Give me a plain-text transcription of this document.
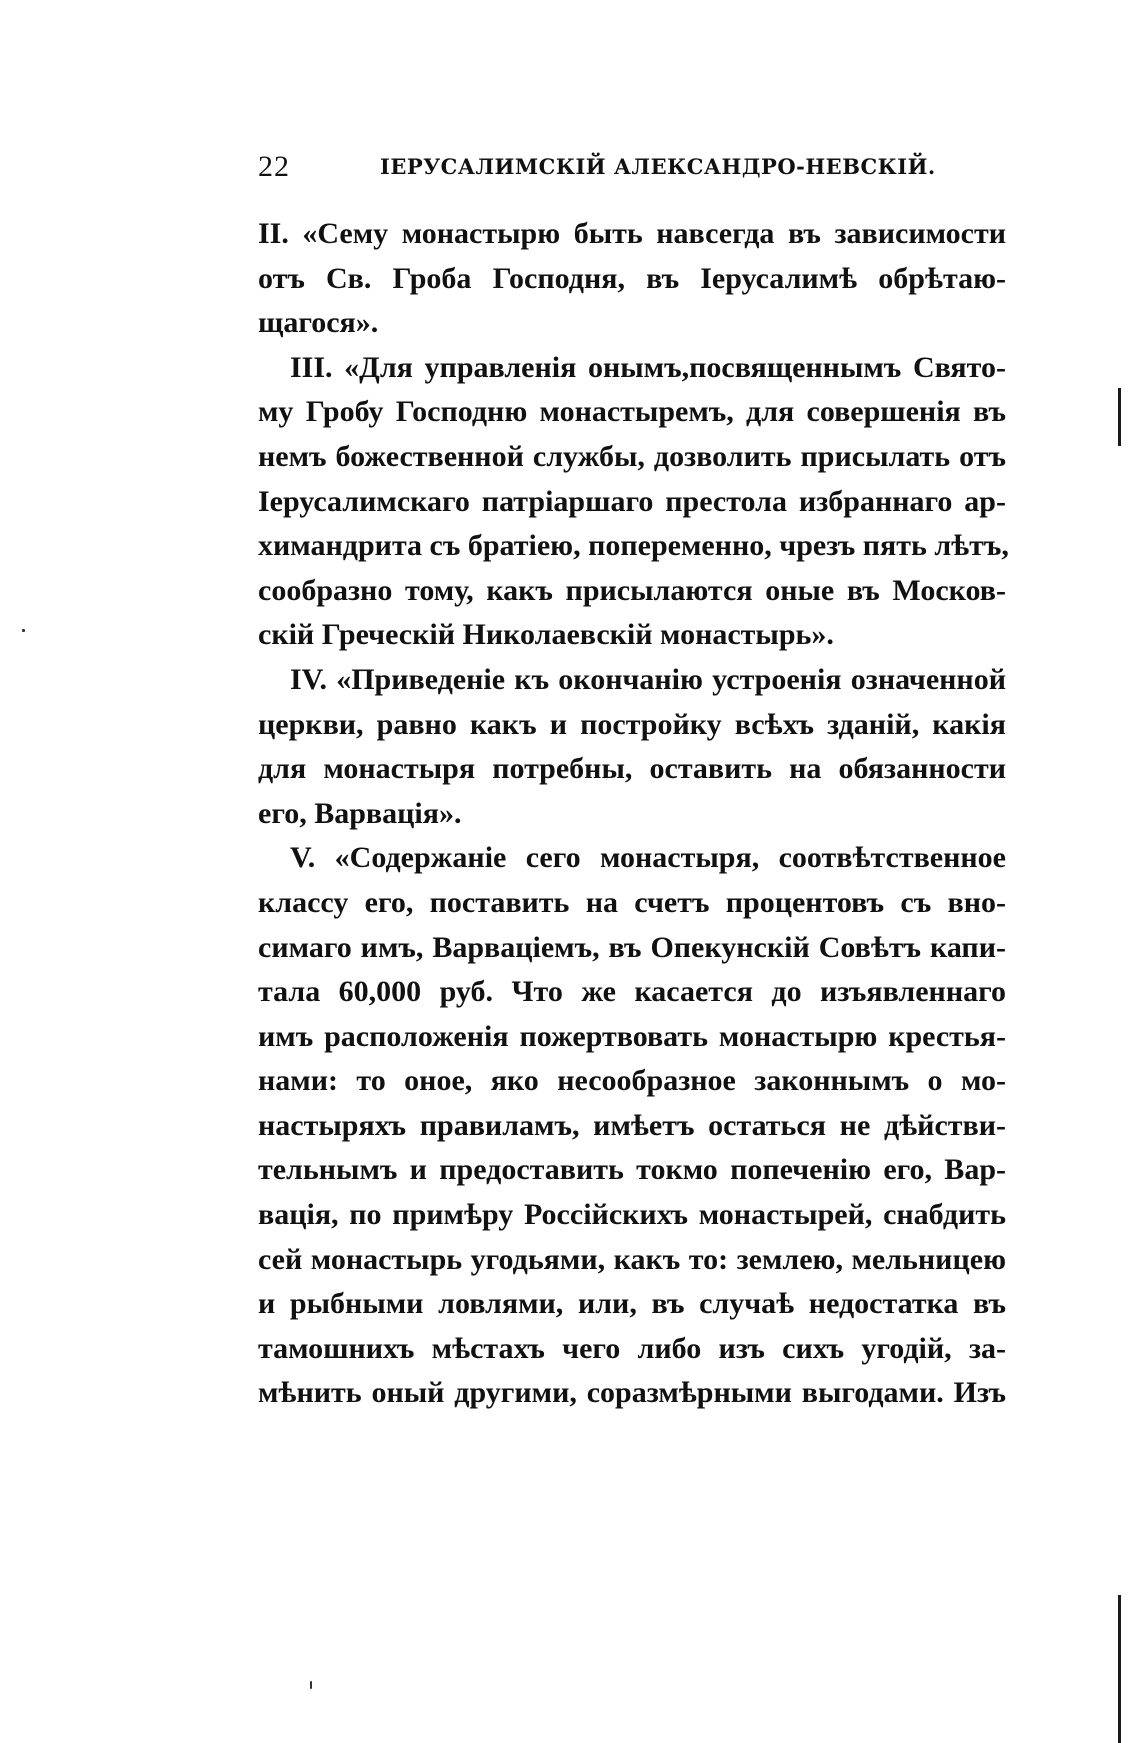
22	ІЕРУСАЛИМСКІЙ АЛЕКСАНДРО-НЕВСКІЙ.
II. «Сему монастырю быть навсегда въ зависимости
отъ Св. Гроба Господня, въ Іерусалимѣ обрѣтаю-
щагося».
III. «Для управленія онымъ,посвященнымъ Свято-
му Гробу Господню монастыремъ, для совершенія въ
немъ божественной службы, дозволить присылать отъ
Іерусалимскаго патріаршаго престола избраннаго ар-
химандрита съ братіею, попеременно, чрезъ пять лѣтъ,
сообразно тому, какъ присылаются оные въ Москов-
скій Греческій Николаевскій монастырь».
IV. «Приведеніе къ окончанію устроенія означенной
церкви, равно какъ и постройку всѣхъ зданій, какія
для монастыря потребны, оставить на обязанности
его, Варвація».
V. «Содержаніе сего монастыря, соотвѣтственное
классу его, поставить на счетъ процентовъ съ вно-
симаго имъ, Варваціемъ, въ Опекунскій Совѣтъ капи-
тала 60,000 руб. Что же касается до изъявленнаго
имъ расположенія пожертвовать монастырю крестья-
нами: то оное, яко несообразное законнымъ о мо-
настыряхъ правиламъ, имѣетъ остаться не дѣйстви-
тельнымъ и предоставить токмо попеченію его, Вар-
вація, по примѣру Россійскихъ монастырей, снабдить
сей монастырь угодьями, какъ то: землею, мельницею
и рыбными ловлями, или, въ случаѣ недостатка въ
тамошнихъ мѣстахъ чего либо изъ сихъ угодій, за-
мѣнить оный другими, соразмѣрными выгодами. Изъ
